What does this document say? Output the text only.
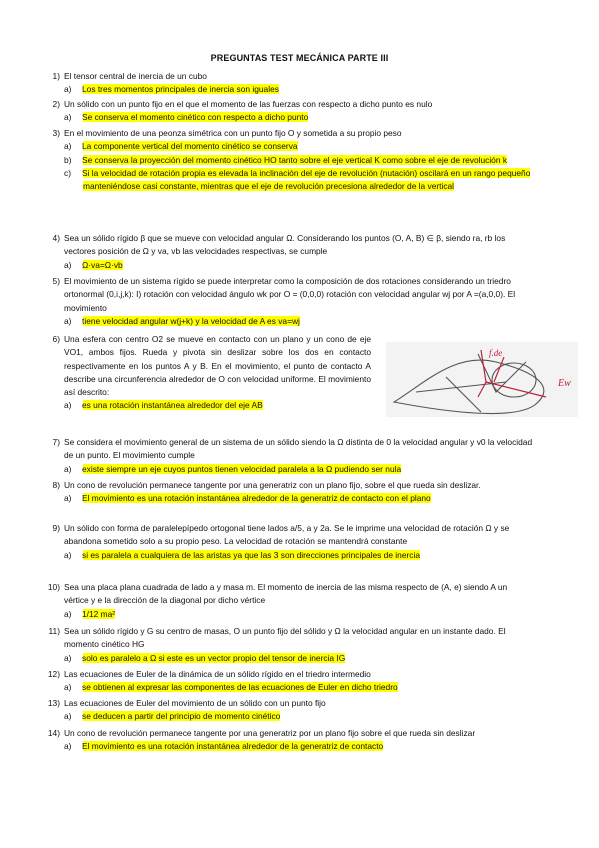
PREGUNTAS TEST MECÁNICA PARTE III
1) El tensor central de inercia de un cubo
a) Los tres momentos principales de inercia son iguales
2) Un sólido con un punto fijo en el que el momento de las fuerzas con respecto a dicho punto es nulo
a) Se conserva el momento cinético con respecto a dicho punto
3) En el movimiento de una peonza simétrica con un punto fijo O y sometida a su propio peso
a) La componente vertical del momento cinético se conserva
b) Se conserva la proyección del momento cinético HO tanto sobre el eje vertical K como sobre el eje de revolución k
c) Si la velocidad de rotación propia es elevada la inclinación del eje de revolución (nutación) oscilará en un rango pequeño manteniéndose casi constante, mientras que el eje de revolución precesiona alrededor de la vertical
4) Sea un sólido rígido β que se mueve con velocidad angular Ω. Considerando los puntos (O, A, B) ∈ β, siendo ra, rb los vectores posición de Ω y va, vb las velocidades respectivas, se cumple
a) Ω·va=Ω·vb
5) El movimiento de un sistema rígido se puede interpretar como la composición de dos rotaciones considerando un triedro ortonormal (0,i,j,k): I) rotación con velocidad ángulo wk por O = (0,0,0) rotación con velocidad angular wj por A =(a,0,0). El movimiento
a) tiene velocidad angular w(j+k) y la velocidad de A es va=wj
6) Una esfera con centro O2 se mueve en contacto con un plano y un cono de eje VO1, ambos fijos. Rueda y pivota sin deslizar sobre los dos en contacto respectivamente en los puntos A y B. En el movimiento, el punto de contacto A describe una circunferencia alrededor de O con velocidad uniforme. El movimiento así descrito:
a) es una rotación instantánea alrededor del eje AB
f.de
Ew
7) Se considera el movimiento general de un sistema de un sólido siendo la Ω distinta de 0 la velocidad angular y v0 la velocidad de un punto. El movimiento cumple
a) existe siempre un eje cuyos puntos tienen velocidad paralela a la Ω pudiendo ser nula
8) Un cono de revolución permanece tangente por una generatriz con un plano fijo, sobre el que rueda sin deslizar.
a) El movimiento es una rotación instantánea alrededor de la generatriz de contacto con el plano
9) Un sólido con forma de paralelepípedo ortogonal tiene lados a/5, a y 2a. Se le imprime una velocidad de rotación Ω y se abandona sometido solo a su propio peso. La velocidad de rotación se mantendrá constante
a) si es paralela a cualquiera de las aristas ya que las 3 son direcciones principales de inercia
10) Sea una placa plana cuadrada de lado a y masa m. El momento de inercia de las misma respecto de (A, e) siendo A un vértice y e la dirección de la diagonal por dicho vértice
a) 1/12 ma²
11) Sea un sólido rígido y G su centro de masas, O un punto fijo del sólido y Ω la velocidad angular en un instante dado. El momento cinético HG
a) solo es paralelo a Ω si este es un vector propio del tensor de inercia IG
12) Las ecuaciones de Euler de la dinámica de un sólido rígido en el triedro intermedio
a) se obtienen al expresar las componentes de las ecuaciones de Euler en dicho triedro
13) Las ecuaciones de Euler del movimiento de un sólido con un punto fijo
a) se deducen a partir del principio de momento cinético
14) Un cono de revolución permanece tangente por una generatriz por un plano fijo sobre el que rueda sin deslizar
a) El movimiento es una rotación instantánea alrededor de la generatriz de contacto
